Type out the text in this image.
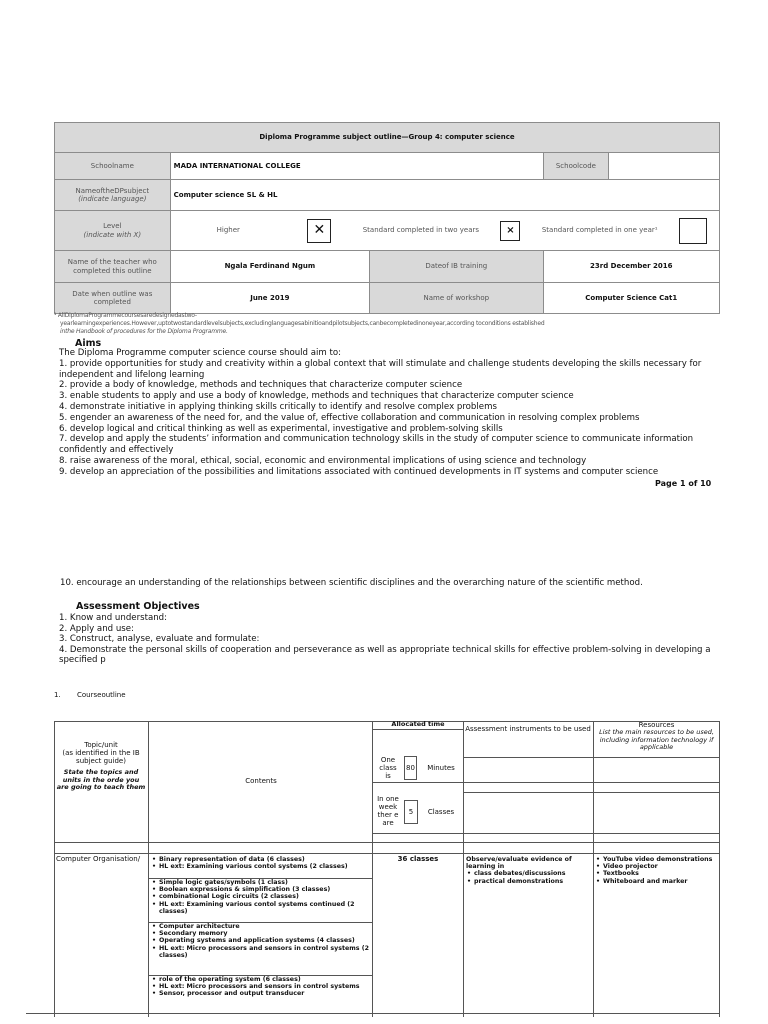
Diploma Programme subject outline—Group 4: computer science
Schoolname	MADA INTERNATIONAL COLLEGE	Schoolcode
NameoftheDPsubject
(indicate language)
Computer science SL & HL
Level
(indicate with X)
Higher	✕	Standard completed in two years	×	Standard completed in one year¹
Name of the teacher who completed this outline
Ngala Ferdinand Ngum	Dateof IB training	23rd December 2016
Date when outline was completed
June 2019	Name of workshop	Computer Science Cat1
¹ AllDiplomaProgrammecoursesaredesignedastwo-
yearlearningexperiences.However,uptotwostandardlevelsubjects,excludinglanguagesabinitioandpilotsubjects,canbecompletedinoneyear,according toconditions established
inthe Handbook of procedures for the Diploma Programme.
Aims
The Diploma Programme computer science course should aim to:
1. provide opportunities for study and creativity within a global context that will stimulate and challenge students developing the skills necessary for independent and lifelong learning
2. provide a body of knowledge, methods and techniques that characterize computer science
3. enable students to apply and use a body of knowledge, methods and techniques that characterize computer science
4. demonstrate initiative in applying thinking skills critically to identify and resolve complex problems
5. engender an awareness of the need for, and the value of, effective collaboration and communication in resolving complex problems
6. develop logical and critical thinking as well as experimental, investigative and problem-solving skills
7. develop and apply the students’ information and communication technology skills in the study of computer science to communicate information confidently and effectively
8. raise awareness of the moral, ethical, social, economic and environmental implications of using science and technology
9. develop an appreciation of the possibilities and limitations associated with continued developments in IT systems and computer science
Page 1 of 10
10. encourage an understanding of the relationships between scientific disciplines and the overarching nature of the scientific method.
Assessment Objectives
1. Know and understand:
2. Apply and use:
3. Construct, analyse, evaluate and formulate:
4. Demonstrate the personal skills of cooperation and perseverance as well as appropriate technical skills for effective problem-solving in developing a specified p
1. Courseoutline
Topic/unit
(as identified in the IB subject guide)
State the topics and units in the orde you are going to teach them
Contents
Allocated time
One class is
80	Minutes
In one week ther e are
5	Classes
Assessment instruments to be used	Resources
List the main resources to be used, including information technology if applicable
Computer Organisation/
•	Binary representation of data (6 classes)
• HL ext: Examining various contol systems (2 classes)
• Simple logic gates/symbols (1 class)
• Boolean expressions & simplification (3 classes)
• combinational Logic circuits (2 classes)
• HL ext: Examining various contol systems continued (2 classes)
• Computer architecture
• Secondary memory
• Operating systems and application systems (4 classes)
• HL ext: Micro processors and sensors in control systems (2 classes)
• role of the operating system (6 classes)
• HL ext: Micro processors and sensors in control systems
• Sensor, processor and output transducer
36 classes	Observe/evaluate evidence of learning in
• class debates/discussions
• practical demonstrations
• YouTube video demonstrations
• Video projector
• Textbooks
• Whiteboard and marker
